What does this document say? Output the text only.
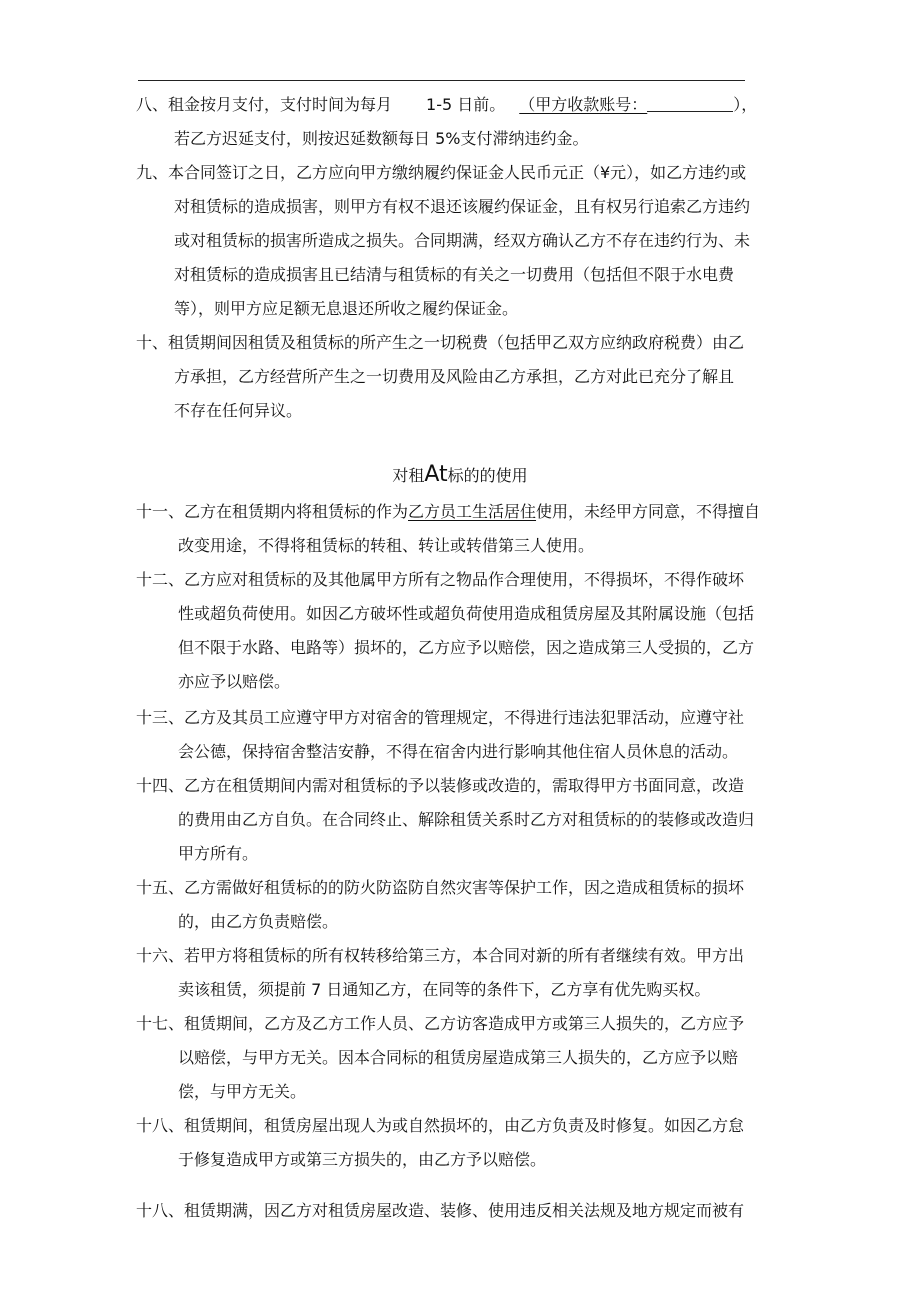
八、租金按月支付，支付时间为每月 1-5 日前。 （甲方收款账号：	），
若乙方迟延支付，则按迟延数额每日 5%支付滞纳违约金。
九、本合同签订之日，乙方应向甲方缴纳履约保证金人民币元正（¥元），如乙方违约或
对租赁标的造成损害，则甲方有权不退还该履约保证金，且有权另行追索乙方违约
或对租赁标的损害所造成之损失。合同期满，经双方确认乙方不存在违约行为、未
对租赁标的造成损害且已结清与租赁标的有关之一切费用（包括但不限于水电费
等），则甲方应足额无息退还所收之履约保证金。
十、租赁期间因租赁及租赁标的所产生之一切税费（包括甲乙双方应纳政府税费）由乙
方承担，乙方经营所产生之一切费用及风险由乙方承担，乙方对此已充分了解且
不存在任何异议。
对租At标的的使用
十一、乙方在租赁期内将租赁标的作为乙方员工生活居住使用，未经甲方同意，不得擅自
改变用途，不得将租赁标的转租、转让或转借第三人使用。
十二、乙方应对租赁标的及其他属甲方所有之物品作合理使用，不得损坏，不得作破坏
性或超负荷使用。如因乙方破坏性或超负荷使用造成租赁房屋及其附属设施（包括
但不限于水路、电路等）损坏的，乙方应予以赔偿，因之造成第三人受损的，乙方
亦应予以赔偿。
十三、乙方及其员工应遵守甲方对宿舍的管理规定，不得进行违法犯罪活动，应遵守社
会公德，保持宿舍整洁安静，不得在宿舍内进行影响其他住宿人员休息的活动。
十四、乙方在租赁期间内需对租赁标的予以装修或改造的，需取得甲方书面同意，改造
的费用由乙方自负。在合同终止、解除租赁关系时乙方对租赁标的的装修或改造归
甲方所有。
十五、乙方需做好租赁标的的防火防盗防自然灾害等保护工作，因之造成租赁标的损坏
的，由乙方负责赔偿。
十六、若甲方将租赁标的所有权转移给第三方，本合同对新的所有者继续有效。甲方出
卖该租赁，须提前 7 日通知乙方，在同等的条件下，乙方享有优先购买权。
十七、租赁期间，乙方及乙方工作人员、乙方访客造成甲方或第三人损失的，乙方应予
以赔偿，与甲方无关。因本合同标的租赁房屋造成第三人损失的，乙方应予以赔
偿，与甲方无关。
十八、租赁期间，租赁房屋出现人为或自然损坏的，由乙方负责及时修复。如因乙方怠
于修复造成甲方或第三方损失的，由乙方予以赔偿。
十八、租赁期满，因乙方对租赁房屋改造、装修、使用违反相关法规及地方规定而被有
